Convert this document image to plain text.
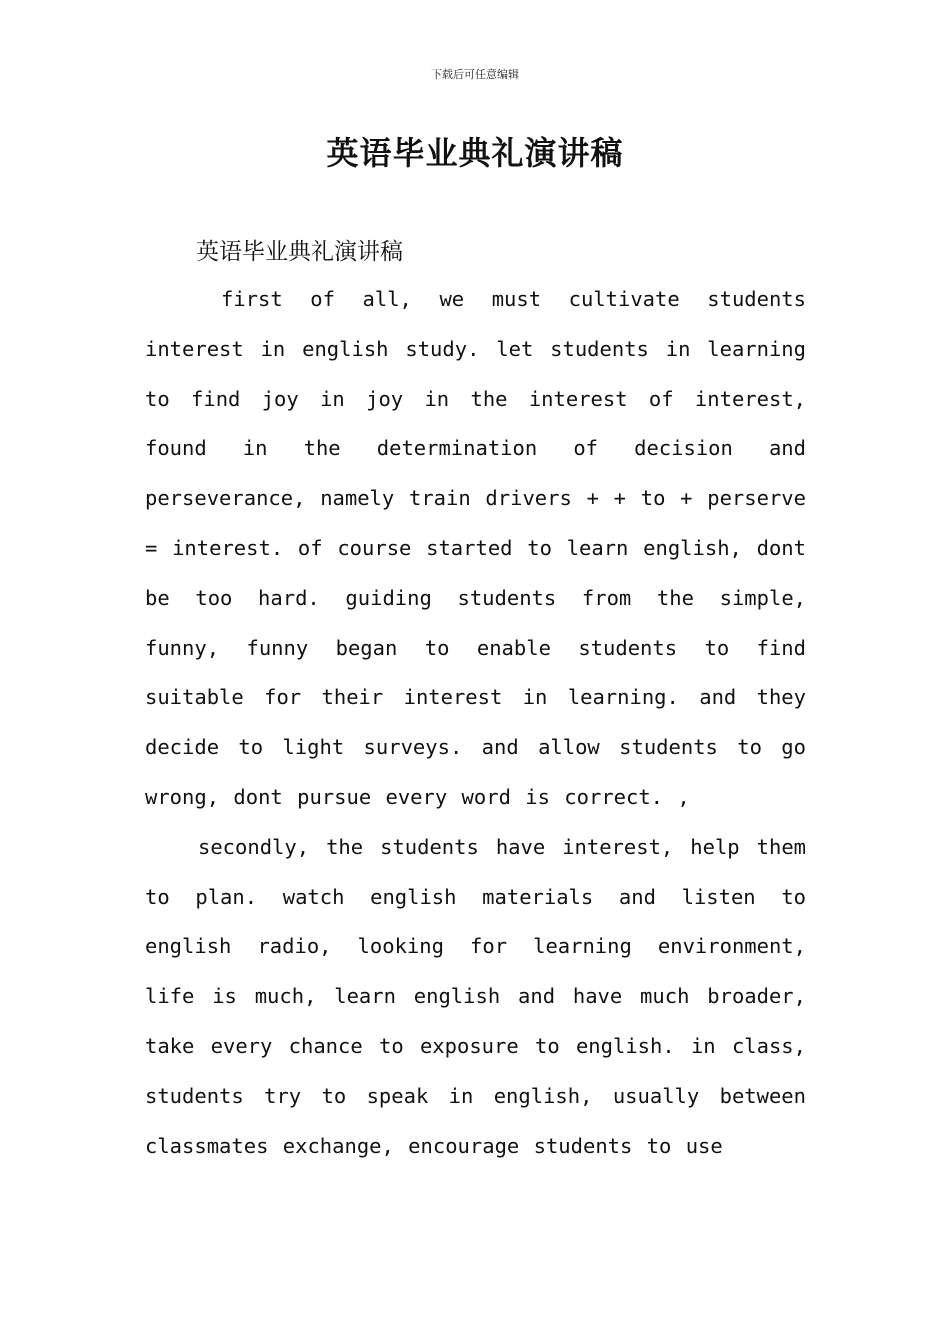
下载后可任意编辑
英语毕业典礼演讲稿
英语毕业典礼演讲稿

first of all, we must cultivate students interest in english study. let students in learning to find joy in joy in the interest of interest, found in the determination of decision and perseverance, namely train drivers + + to + perserve = interest. of course started to learn english, dont be too hard. guiding students from the simple, funny, funny began to enable students to find suitable for their interest in learning. and they decide to light surveys. and allow students to go wrong, dont pursue every word is correct. ,

secondly, the students have interest, help them to plan. watch english materials and listen to english radio, looking for learning environment, life is much, learn english and have much broader, take every chance to exposure to english. in class, students try to speak in english, usually between classmates exchange, encourage students to use
